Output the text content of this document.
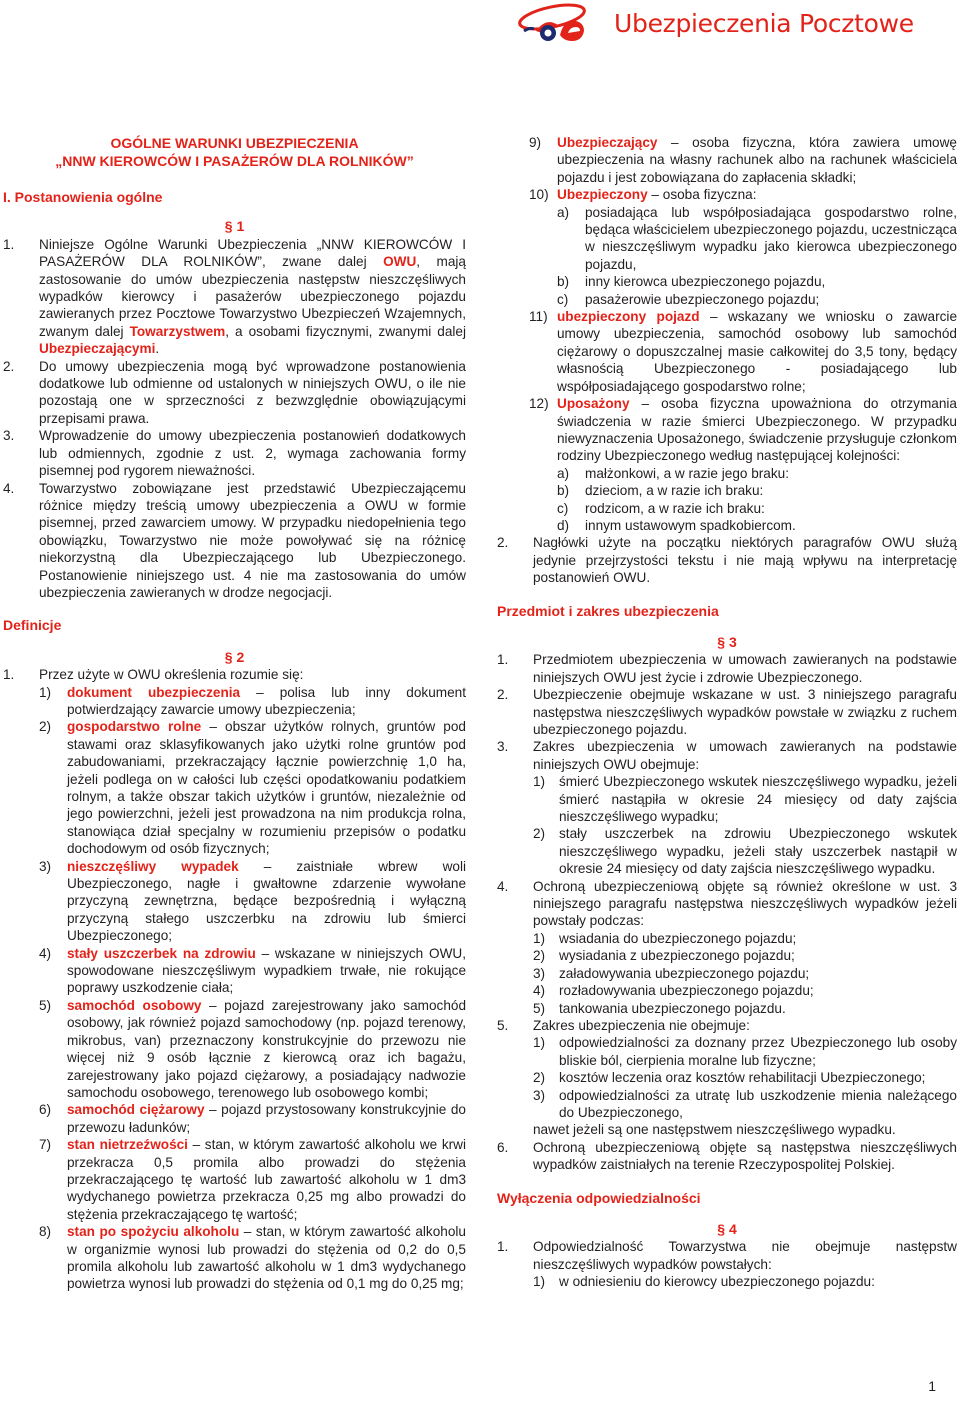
Ubezpieczenia Pocztowe
OGÓLNE WARUNKI UBEZPIECZENIA
„NNW KIEROWCÓW I PASAŻERÓW DLA ROLNIKÓW”
I. Postanowienia ogólne
§ 1
1.	Niniejsze Ogólne Warunki Ubezpieczenia „NNW KIEROWCÓW I PASAŻERÓW DLA ROLNIKÓW”, zwane dalej OWU, mają zastosowanie do umów ubezpieczenia następstw nieszczęśliwych wypadków kierowcy i pasażerów ubezpieczonego pojazdu zawieranych przez Pocztowe Towarzystwo Ubezpieczeń Wzajemnych, zwanym dalej Towarzystwem, a osobami fizycznymi, zwanymi dalej Ubezpieczającymi.
2.	Do umowy ubezpieczenia mogą być wprowadzone postanowienia dodatkowe lub odmienne od ustalonych w niniejszych OWU, o ile nie pozostają one w sprzeczności z bezwzględnie obowiązującymi przepisami prawa.
3.	Wprowadzenie do umowy ubezpieczenia postanowień dodatkowych lub odmiennych, zgodnie z ust. 2, wymaga zachowania formy pisemnej pod rygorem nieważności.
4.	Towarzystwo zobowiązane jest przedstawić Ubezpieczającemu różnice między treścią umowy ubezpieczenia a OWU w formie pisemnej, przed zawarciem umowy. W przypadku niedopełnienia tego obowiązku, Towarzystwo nie może powoływać się na różnicę niekorzystną dla Ubezpieczającego lub Ubezpieczonego. Postanowienie niniejszego ust. 4 nie ma zastosowania do umów ubezpieczenia zawieranych w drodze negocjacji.
Definicje
§ 2
1.	Przez użyte w OWU określenia rozumie się:
1)	dokument ubezpieczenia – polisa lub inny dokument potwierdzający zawarcie umowy ubezpieczenia;
2)	gospodarstwo rolne – obszar użytków rolnych, gruntów pod stawami oraz sklasyfikowanych jako użytki rolne gruntów pod zabudowaniami, przekraczający łącznie powierzchnię 1,0 ha, jeżeli podlega on w całości lub części opodatkowaniu podatkiem rolnym, a także obszar takich użytków i gruntów, niezależnie od jego powierzchni, jeżeli jest prowadzona na nim produkcja rolna, stanowiąca dział specjalny w rozumieniu przepisów o podatku dochodowym od osób fizycznych;
3)	nieszczęśliwy wypadek – zaistniałe wbrew woli Ubezpieczonego, nagłe i gwałtowne zdarzenie wywołane przyczyną zewnętrzna, będące bezpośrednią i wyłączną przyczyną stałego uszczerbku na zdrowiu lub śmierci Ubezpieczonego;
4)	stały uszczerbek na zdrowiu – wskazane w niniejszych OWU, spowodowane nieszczęśliwym wypadkiem trwałe, nie rokujące poprawy uszkodzenie ciała;
5)	samochód osobowy – pojazd zarejestrowany jako samochód osobowy, jak również pojazd samochodowy (np. pojazd terenowy, mikrobus, van) przeznaczony konstrukcyjnie do przewozu nie więcej niż 9 osób łącznie z kierowcą oraz ich bagażu, zarejestrowany jako pojazd ciężarowy, a posiadający nadwozie samochodu osobowego, terenowego lub osobowego kombi;
6)	samochód ciężarowy – pojazd przystosowany konstrukcyjnie do przewozu ładunków;
7)	stan nietrzeźwości – stan, w którym zawartość alkoholu we krwi przekracza 0,5 promila albo prowadzi do stężenia przekraczającego tę wartość lub zawartość alkoholu w 1 dm3 wydychanego powietrza przekracza 0,25 mg albo prowadzi do stężenia przekraczającego tę wartość;
8)	stan po spożyciu alkoholu – stan, w którym zawartość alkoholu w organizmie wynosi lub prowadzi do stężenia od 0,2 do 0,5 promila alkoholu lub zawartość alkoholu w 1 dm3 wydychanego powietrza wynosi lub prowadzi do stężenia od 0,1 mg do 0,25 mg;
9)	Ubezpieczający – osoba fizyczna, która zawiera umowę ubezpieczenia na własny rachunek albo na rachunek właściciela pojazdu i jest zobowiązana do zapłacenia składki;
10) Ubezpieczony – osoba fizyczna:
a)	posiadająca lub współposiadająca gospodarstwo rolne, będąca właścicielem ubezpieczonego pojazdu, uczestnicząca w nieszczęśliwym wypadku jako kierowca ubezpieczonego pojazdu,
b)	inny kierowca ubezpieczonego pojazdu,
c)	pasażerowie ubezpieczonego pojazdu;
11) ubezpieczony pojazd – wskazany we wniosku o zawarcie umowy ubezpieczenia, samochód osobowy lub samochód ciężarowy o dopuszczalnej masie całkowitej do 3,5 tony, będący własnością Ubezpieczonego - posiadającego lub współposiadającego gospodarstwo rolne;
12) Uposażony – osoba fizyczna upoważniona do otrzymania świadczenia w razie śmierci Ubezpieczonego. W przypadku niewyznaczenia Uposażonego, świadczenie przysługuje członkom rodziny Ubezpieczonego według następującej kolejności:
a)	małżonkowi, a w razie jego braku:
b)	dzieciom, a w razie ich braku:
c)	rodzicom, a w razie ich braku:
d)	innym ustawowym spadkobiercom.
2.	Nagłówki użyte na początku niektórych paragrafów OWU służą jedynie przejrzystości tekstu i nie mają wpływu na interpretację postanowień OWU.
Przedmiot i zakres ubezpieczenia
§ 3
1.	Przedmiotem ubezpieczenia w umowach zawieranych na podstawie niniejszych OWU jest życie i zdrowie Ubezpieczonego.
2.	Ubezpieczenie obejmuje wskazane w ust. 3 niniejszego paragrafu następstwa nieszczęśliwych wypadków powstałe w związku z ruchem ubezpieczonego pojazdu.
3.	Zakres ubezpieczenia w umowach zawieranych na podstawie niniejszych OWU obejmuje:
1)	śmierć Ubezpieczonego wskutek nieszczęśliwego wypadku, jeżeli śmierć nastąpiła w okresie 24 miesięcy od daty zajścia nieszczęśliwego wypadku;
2)	stały uszczerbek na zdrowiu Ubezpieczonego wskutek nieszczęśliwego wypadku, jeżeli stały uszczerbek nastąpił w okresie 24 miesięcy od daty zajścia nieszczęśliwego wypadku.
4.	Ochroną ubezpieczeniową objęte są również określone w ust. 3 niniejszego paragrafu następstwa nieszczęśliwych wypadków jeżeli powstały podczas:
1)	wsiadania do ubezpieczonego pojazdu;
2)	wysiadania z ubezpieczonego pojazdu;
3)	załadowywania ubezpieczonego pojazdu;
4)	rozładowywania ubezpieczonego pojazdu;
5)	tankowania ubezpieczonego pojazdu.
5.	Zakres ubezpieczenia nie obejmuje:
1)	odpowiedzialności za doznany przez Ubezpieczonego lub osoby bliskie ból, cierpienia moralne lub fizyczne;
2)	kosztów leczenia oraz kosztów rehabilitacji Ubezpieczonego;
3)	odpowiedzialności za utratę lub uszkodzenie mienia należącego do Ubezpieczonego,
nawet jeżeli są one następstwem nieszczęśliwego wypadku.
6.	Ochroną ubezpieczeniową objęte są następstwa nieszczęśliwych wypadków zaistniałych na terenie Rzeczypospolitej Polskiej.
Wyłączenia odpowiedzialności
§ 4
1.	Odpowiedzialność Towarzystwa nie obejmuje następstw nieszczęśliwych wypadków powstałych:
1)	w odniesieniu do kierowcy ubezpieczonego pojazdu:
1
